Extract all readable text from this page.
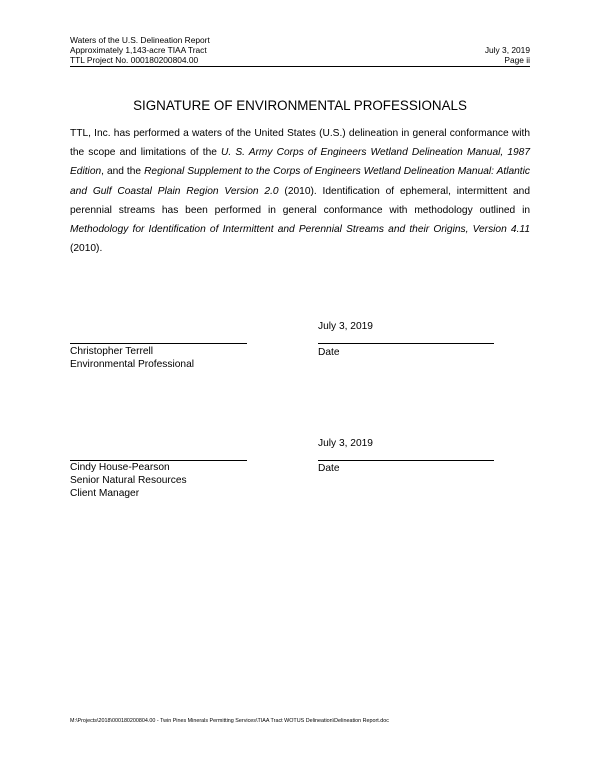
Waters of the U.S. Delineation Report
Approximately 1,143-acre TIAA Tract
TTL Project No. 000180200804.00

July 3, 2019
Page ii
SIGNATURE OF ENVIRONMENTAL PROFESSIONALS
TTL, Inc. has performed a waters of the United States (U.S.) delineation in general conformance with the scope and limitations of the U. S. Army Corps of Engineers Wetland Delineation Manual, 1987 Edition, and the Regional Supplement to the Corps of Engineers Wetland Delineation Manual: Atlantic and Gulf Coastal Plain Region Version 2.0 (2010). Identification of ephemeral, intermittent and perennial streams has been performed in general conformance with methodology outlined in Methodology for Identification of Intermittent and Perennial Streams and their Origins, Version 4.11 (2010).
July 3, 2019
Christopher Terrell
Environmental Professional
Date
July 3, 2019
Cindy House-Pearson
Senior Natural Resources
Client Manager
Date
M:\Projects\2018\000180200804.00 - Twin Pines Minerals Permitting Services\TIAA Tract WOTUS Delineation\Delineation Report.doc
